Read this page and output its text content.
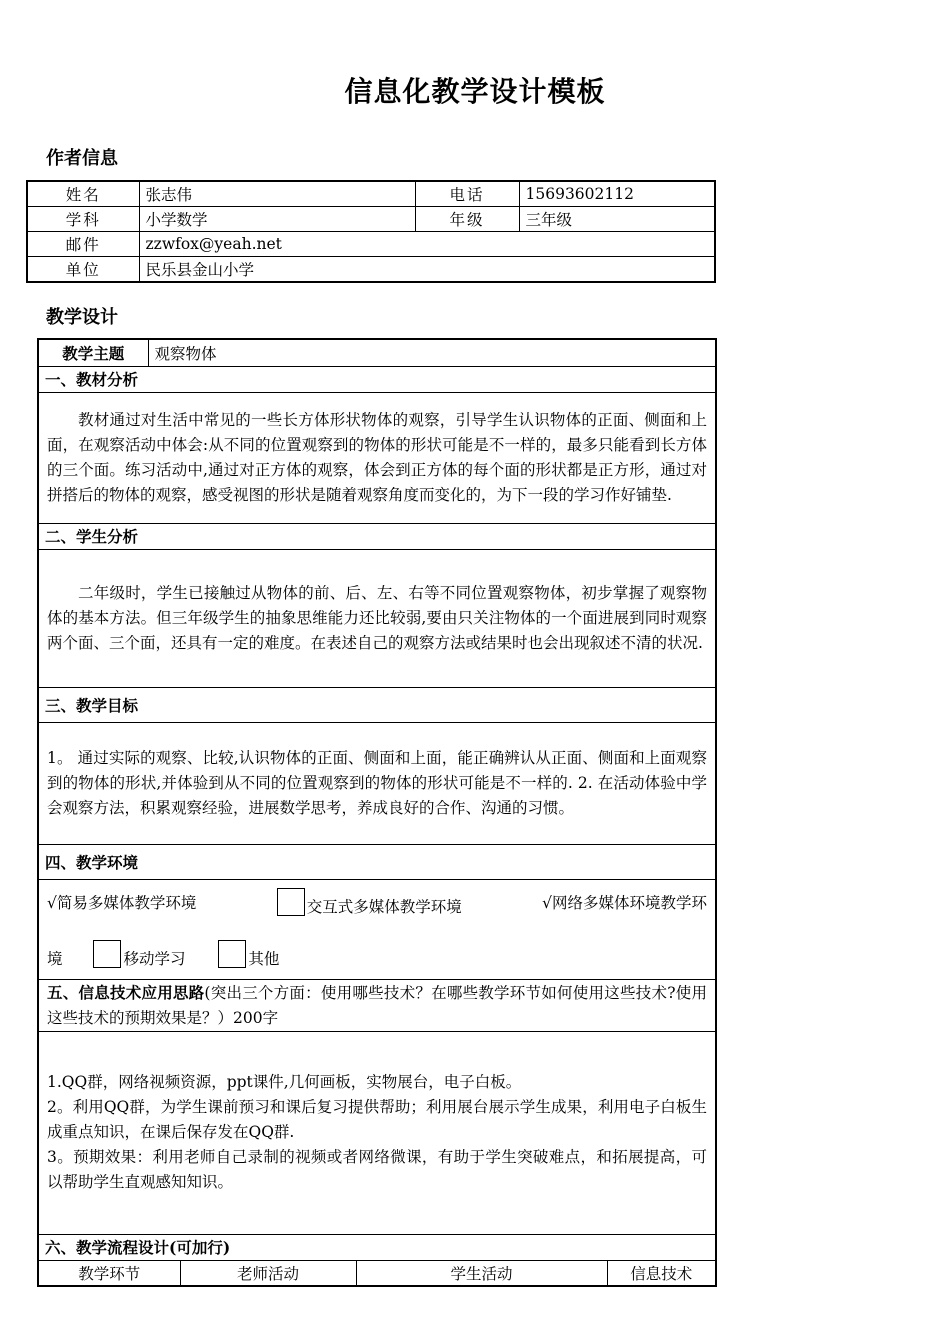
信息化教学设计模板
作者信息
姓名	张志伟	电话	15693602112
学科	小学数学	年级	三年级
邮件	zzwfox@yeah.net		
单位	民乐县金山小学		
教学设计
教学主题	观察物体			
一、教材分析				
教材通过对生活中常见的一些长方体形状物体的观察，引导学生认识物体的正面、侧面和上面，在观察活动中体会:从不同的位置观察到的物体的形状可能是不一样的，最多只能看到长方体的三个面。练习活动中,通过对正方体的观察，体会到正方体的每个面的形状都是正方形，通过对拼搭后的物体的观察，感受视图的形状是随着观察角度而变化的，为下一段的学习作好铺垫.				
二、学生分析				
二年级时，学生已接触过从物体的前、后、左、右等不同位置观察物体，初步掌握了观察物体的基本方法。但三年级学生的抽象思维能力还比较弱,要由只关注物体的一个面进展到同时观察两个面、三个面，还具有一定的难度。在表述自己的观察方法或结果时也会出现叙述不清的状况.				
三、教学目标				
1。 通过实际的观察、比较,认识物体的正面、侧面和上面，能正确辨认从正面、侧面和上面观察到的物体的形状,并体验到从不同的位置观察到的物体的形状可能是不一样的. 2. 在活动体验中学会观察方法，积累观察经验，进展数学思考，养成良好的合作、沟通的习惯。				
四、教学环境				

√简易多媒体教学环境 交互式多媒体教学环境 √网络多媒体环境教学环
境 移动学习 其他				

五、信息技术应用思路(突出三个方面：使用哪些技术？在哪些教学环节如何使用这些技术?使用这些技术的预期效果是？）200字				

1.QQ群，网络视频资源，ppt课件,几何画板，实物展台，电子白板。
2。利用QQ群，为学生课前预习和课后复习提供帮助；利用展台展示学生成果，利用电子白板生成重点知识，在课后保存发在QQ群.
3。预期效果：利用老师自己录制的视频或者网络微课，有助于学生突破难点，和拓展提高，可以帮助学生直观感知知识。				

六、教学流程设计(可加行)				
教学环节		老师活动	学生活动	信息技术
